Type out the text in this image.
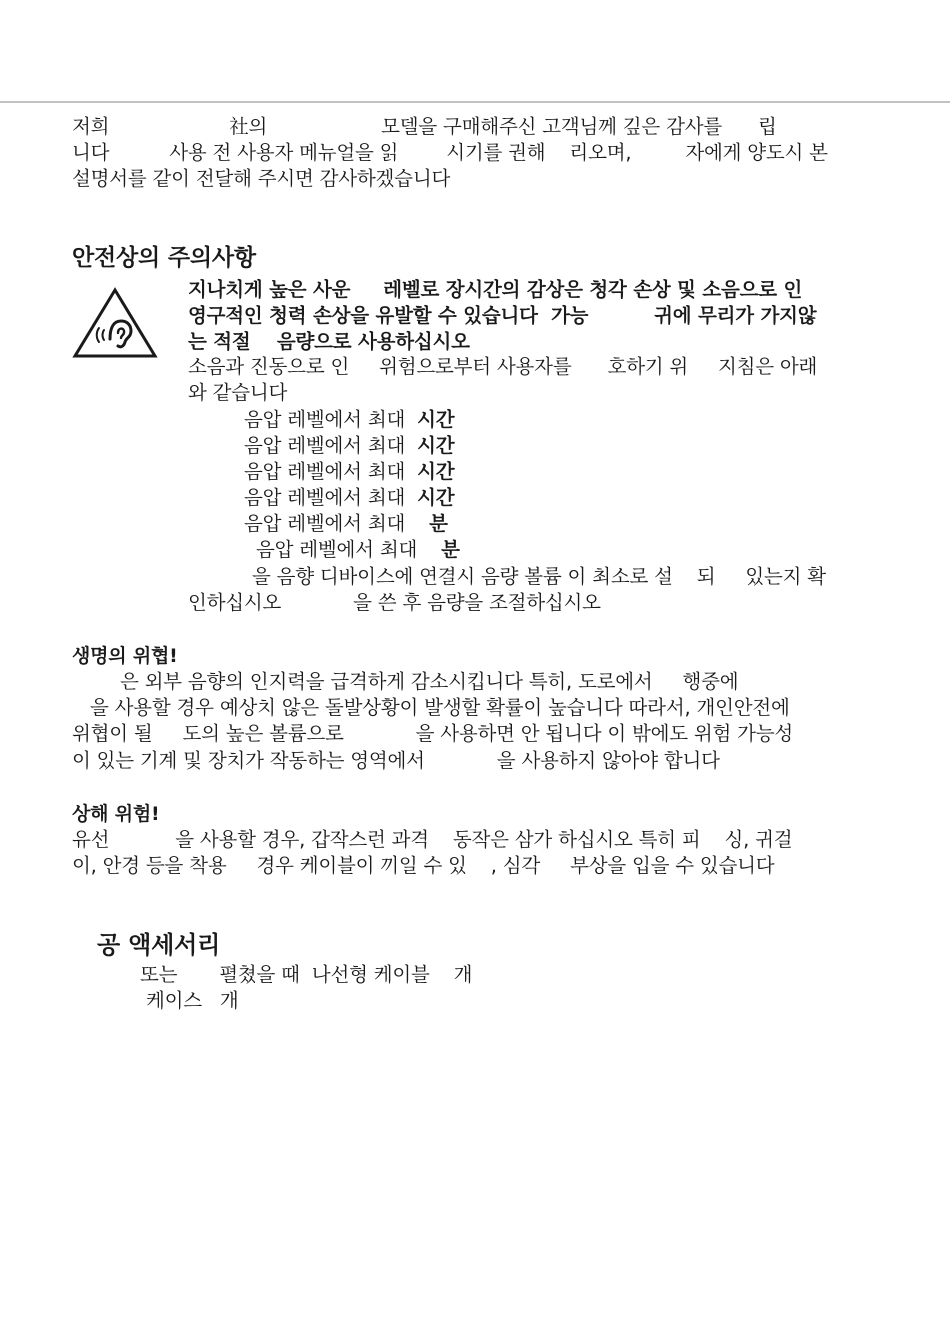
저희                    社의                   모델을 구매해주신 고객님께 깊은 감사를      립
니다          사용 전 사용자 메뉴얼을 읽        시기를 권해    리오며,         자에게 양도시 본
설명서를 같이 전달해 주시면 감사하겠습니다
안전상의 주의사항
지나치게 높은 사운     레벨로 장시간의 감상은 청각 손상 및 소음으로 인
영구적인 청력 손상을 유발할 수 있습니다  가능          귀에 무리가 가지않
는 적절    음량으로 사용하십시오
소음과 진동으로 인     위험으로부터 사용자를      호하기 위     지침은 아래
와 같습니다
음압 레벨에서 최대  시간
음압 레벨에서 최대  시간
음압 레벨에서 최대  시간
음압 레벨에서 최대  시간
음압 레벨에서 최대    분
음압 레벨에서 최대    분
을 음향 디바이스에 연결시 음량 볼륨 이 최소로 설    되     있는지 확
인하십시오            을 쓴 후 음량을 조절하십시오
생명의 위협!
은 외부 음향의 인지력을 급격하게 감소시킵니다 특히, 도로에서     행중에
을 사용할 경우 예상치 않은 돌발상황이 발생할 확률이 높습니다 따라서, 개인안전에
위협이 될     도의 높은 볼륨으로            을 사용하면 안 됩니다 이 밖에도 위험 가능성
이 있는 기계 및 장치가 작동하는 영역에서            을 사용하지 않아야 합니다
상해 위험!
유선           을 사용할 경우, 갑작스런 과격    동작은 삼가 하십시오 특히 피    싱, 귀걸
이, 안경 등을 착용     경우 케이블이 끼일 수 있    , 심각     부상을 입을 수 있습니다
공 액세서리
또는       펼쳤을 때  나선형 케이블    개
케이스   개
